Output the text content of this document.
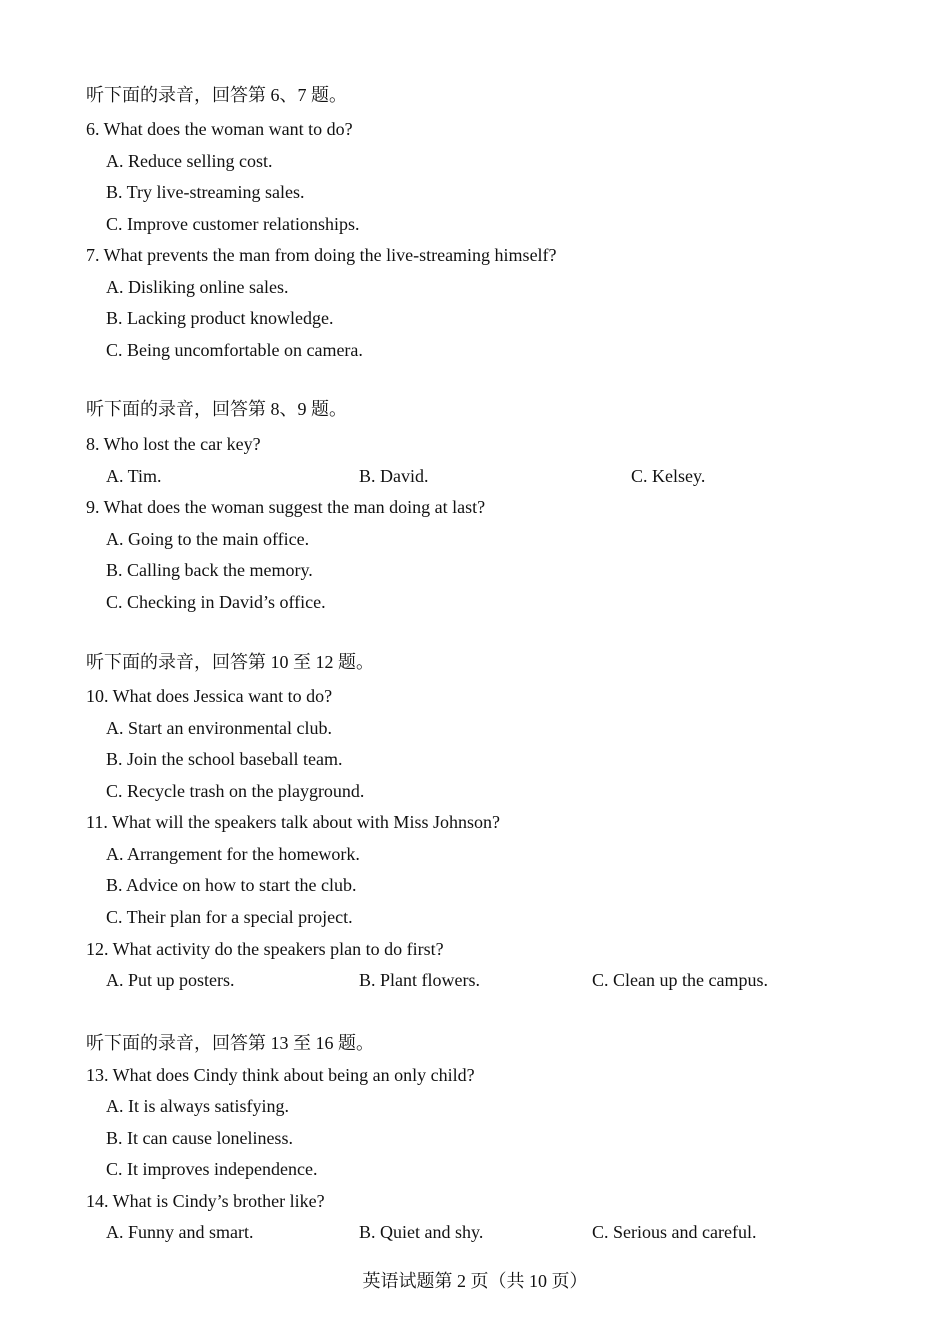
听下面的录音，回答第 6、7 题。
6. What does the woman want to do?
A. Reduce selling cost.
B. Try live-streaming sales.
C. Improve customer relationships.
7. What prevents the man from doing the live-streaming himself?
A. Disliking online sales.
B. Lacking product knowledge.
C. Being uncomfortable on camera.
听下面的录音，回答第 8、9 题。
8. Who lost the car key?
A. Tim.	B. David.	C. Kelsey.
9. What does the woman suggest the man doing at last?
A. Going to the main office.
B. Calling back the memory.
C. Checking in David’s office.
听下面的录音，回答第 10 至 12 题。
10. What does Jessica want to do?
A. Start an environmental club.
B. Join the school baseball team.
C. Recycle trash on the playground.
11. What will the speakers talk about with Miss Johnson?
A. Arrangement for the homework.
B. Advice on how to start the club.
C. Their plan for a special project.
12. What activity do the speakers plan to do first?
A. Put up posters.	B. Plant flowers.	C. Clean up the campus.
听下面的录音，回答第 13 至 16 题。
13. What does Cindy think about being an only child?
A. It is always satisfying.
B. It can cause loneliness.
C. It improves independence.
14. What is Cindy’s brother like?
A. Funny and smart.	B. Quiet and shy.	C. Serious and careful.
英语试题第 2 页（共 10 页）
